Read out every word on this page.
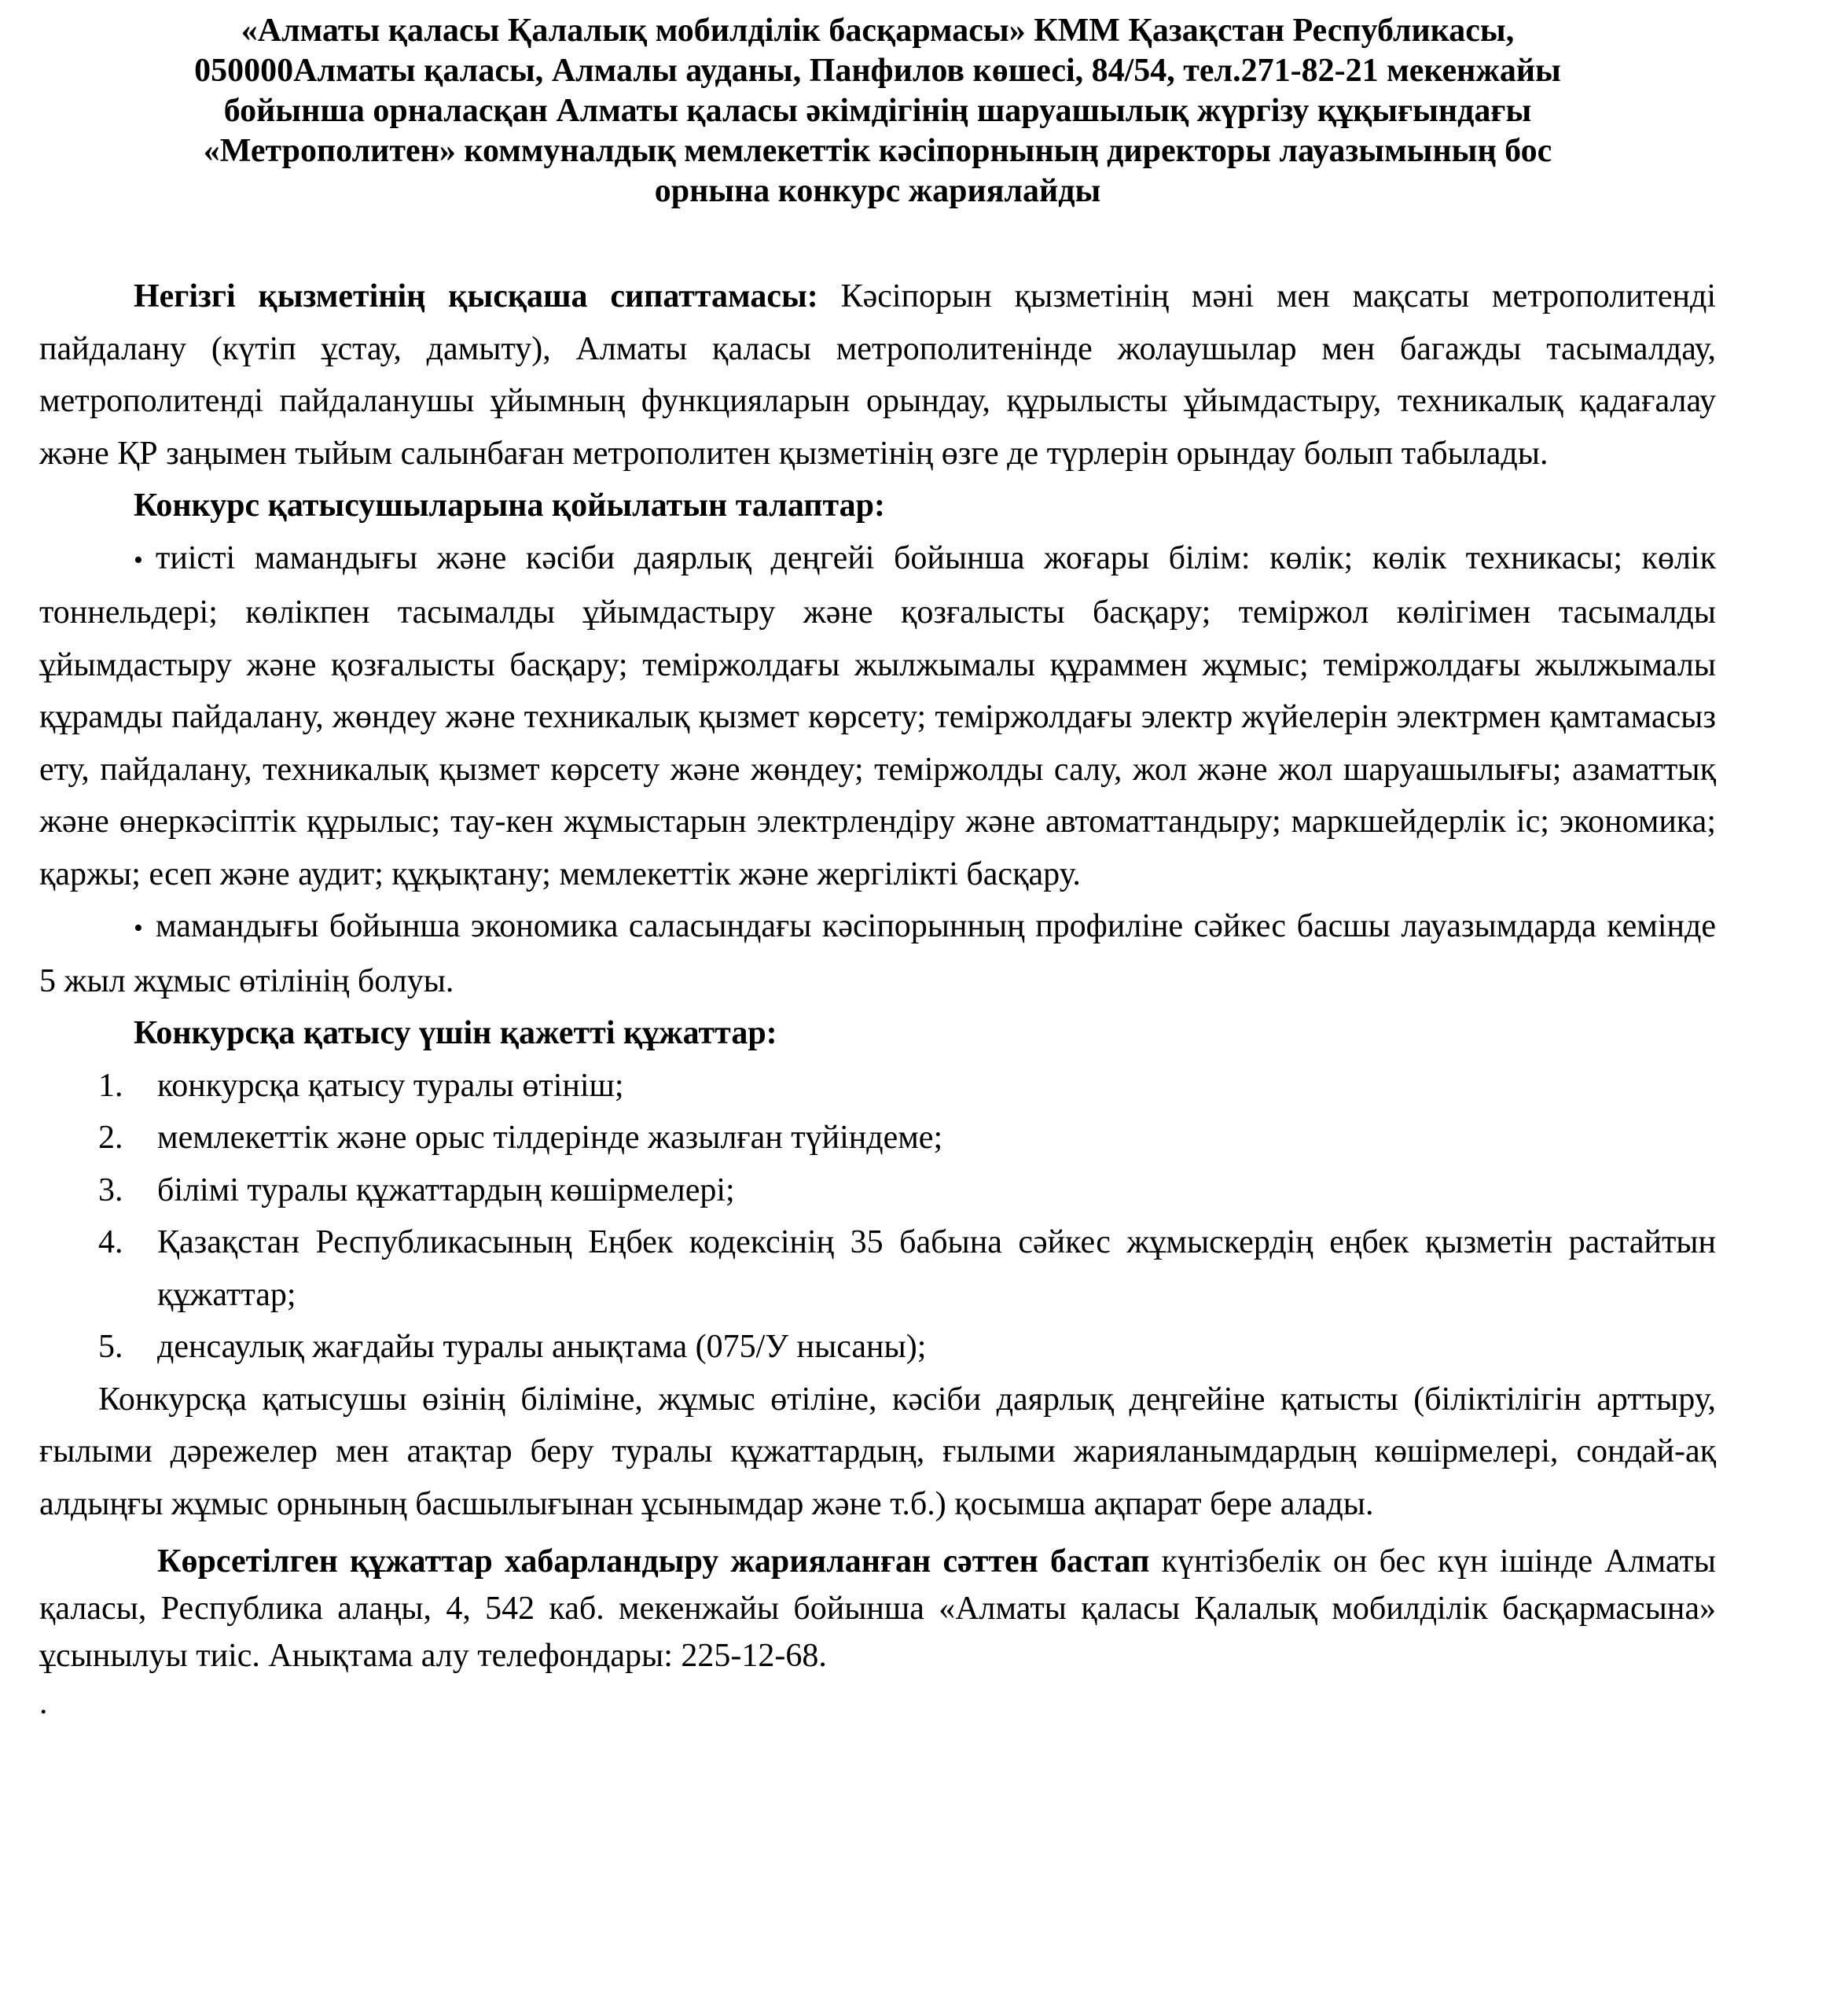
«Алматы қаласы Қалалық мобилділік басқармасы» КММ Қазақстан Республикасы,
050000Алматы қаласы, Алмалы ауданы, Панфилов көшесі, 84/54, тел.271-82-21 мекенжайы
бойынша орналасқан Алматы қаласы әкімдігінің шаруашылық жүргізу құқығындағы
«Метрополитен» коммуналдық мемлекеттік кәсіпорнының директоры лауазымының бос
орнына конкурс жариялайды

Негізгі қызметінің қысқаша сипаттамасы: Кәсіпорын қызметінің мәні мен мақсаты метрополитенді пайдалану (күтіп ұстау, дамыту), Алматы қаласы метрополитенінде жолаушылар мен багажды тасымалдау, метрополитенді пайдаланушы ұйымның функцияларын орындау, құрылысты ұйымдастыру, техникалық қадағалау және ҚР заңымен тыйым салынбаған метрополитен қызметінің өзге де түрлерін орындау болып табылады.

Конкурс қатысушыларына қойылатын талаптар:

• тиісті мамандығы және кәсіби даярлық деңгейі бойынша жоғары білім: көлік; көлік техникасы; көлік тоннельдері; көлікпен тасымалды ұйымдастыру және қозғалысты басқару; теміржол көлігімен тасымалды ұйымдастыру және қозғалысты басқару; теміржолдағы жылжымалы құраммен жұмыс; теміржолдағы жылжымалы құрамды пайдалану, жөндеу және техникалық қызмет көрсету; теміржолдағы электр жүйелерін электрмен қамтамасыз ету, пайдалану, техникалық қызмет көрсету және жөндеу; теміржолды салу, жол және жол шаруашылығы; азаматтық және өнеркәсіптік құрылыс; тау-кен жұмыстарын электрлендіру және автоматтандыру; маркшейдерлік іс; экономика; қаржы; есеп және аудит; құқықтану; мемлекеттік және жергілікті басқару.

• мамандығы бойынша экономика саласындағы кәсіпорынның профиліне сәйкес басшы лауазымдарда кемінде 5 жыл жұмыс өтілінің болуы.

Конкурсқа қатысу үшін қажетті құжаттар:

1. конкурсқа қатысу туралы өтініш;
2. мемлекеттік және орыс тілдерінде жазылған түйіндеме;
3. білімі туралы құжаттардың көшірмелері;
4. Қазақстан Республикасының Еңбек кодексінің 35 бабына сәйкес жұмыскердің еңбек қызметін растайтын құжаттар;
5. денсаулық жағдайы туралы анықтама (075/У нысаны);

Конкурсқа қатысушы өзінің біліміне, жұмыс өтіліне, кәсіби даярлық деңгейіне қатысты (біліктілігін арттыру, ғылыми дәрежелер мен атақтар беру туралы құжаттардың, ғылыми жарияланымдардың көшірмелері, сондай-ақ алдыңғы жұмыс орнының басшылығынан ұсынымдар және т.б.) қосымша ақпарат бере алады.

Көрсетілген құжаттар хабарландыру жарияланған сәттен бастап күнтізбелік он бес күн ішінде Алматы қаласы, Республика алаңы, 4, 542 каб. мекенжайы бойынша «Алматы қаласы Қалалық мобилділік басқармасына» ұсынылуы тиіс. Анықтама алу телефондары: 225-12-68.

.
